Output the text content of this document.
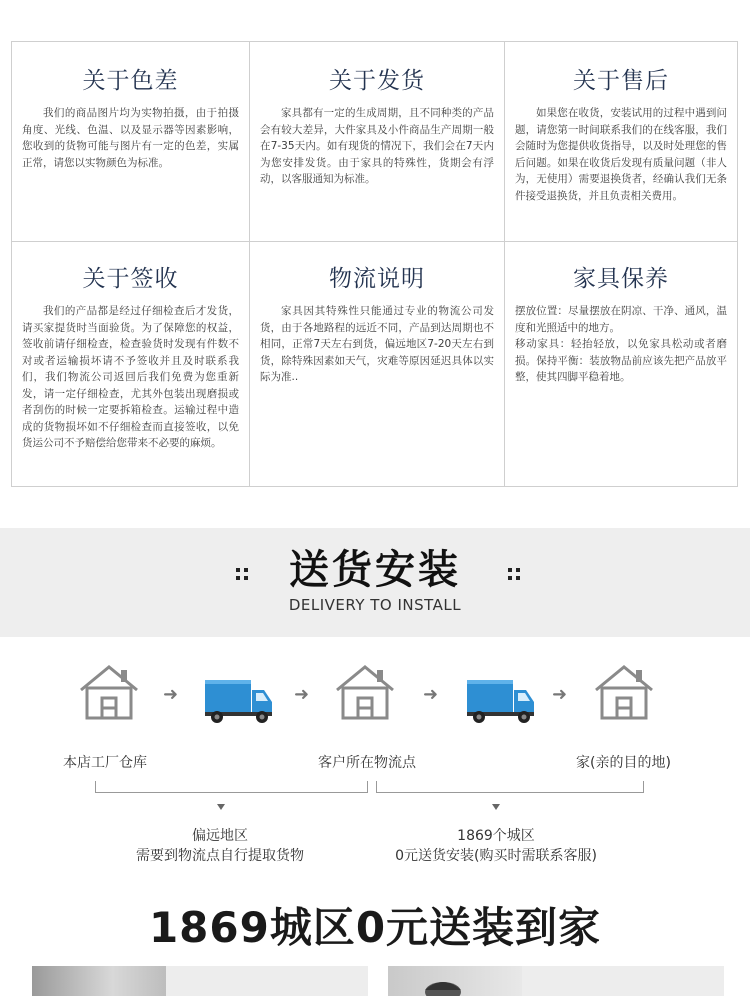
关于色差

我们的商品图片均为实物拍摄，由于拍摄角度、光线、色温、以及显示器等因素影响，您收到的货物可能与图片有一定的色差，实属正常，请您以实物颜色为标准。

关于发货

家具都有一定的生成周期，且不同种类的产品会有较大差异，大件家具及小件商品生产周期一般在7-35天内。如有现货的情况下，我们会在7天内为您安排发货。由于家具的特殊性，货期会有浮动，以客服通知为标准。

关于售后

如果您在收货，安装试用的过程中遇到问题，请您第一时间联系我们的在线客服，我们会随时为您提供收货指导，以及时处理您的售后问题。如果在收货后发现有质量问题（非人为，无使用）需要退换货者，经确认我们无条件接受退换货，并且负责相关费用。

关于签收

我们的产品都是经过仔细检查后才发货，请买家提货时当面验货。为了保障您的权益，签收前请仔细检查，检查验货时发现有件数不对或者运输损坏请不予签收并且及时联系我们，我们物流公司返回后我们免费为您重新发，请一定仔细检查，尤其外包装出现磨损或者刮伤的时候一定要拆箱检查。运输过程中造成的货物损坏如不仔细检查而直接签收，以免货运公司不予赔偿给您带来不必要的麻烦。

物流说明

家具因其特殊性只能通过专业的物流公司发货，由于各地路程的远近不同，产品到达周期也不相同，正常7天左右到货，偏远地区7-20天左右到货，除特殊因素如天气，灾难等原因延迟具体以实际为准..

家具保养

摆放位置：尽量摆放在阴凉、干净、通风，温度和光照适中的地方。

移动家具：轻抬轻放，以免家具松动或者磨损。保持平衡：装放物品前应该先把产品放平整，使其四脚平稳着地。

送货安装
DELIVERY TO INSTALL
➜	➜	➜	➜
本店工厂仓库	客户所在物流点	家(亲的目的地)
偏远地区
需要到物流点自行提取货物
1869个城区
0元送货安装(购买时需联系客服)
1869城区0元送装到家
